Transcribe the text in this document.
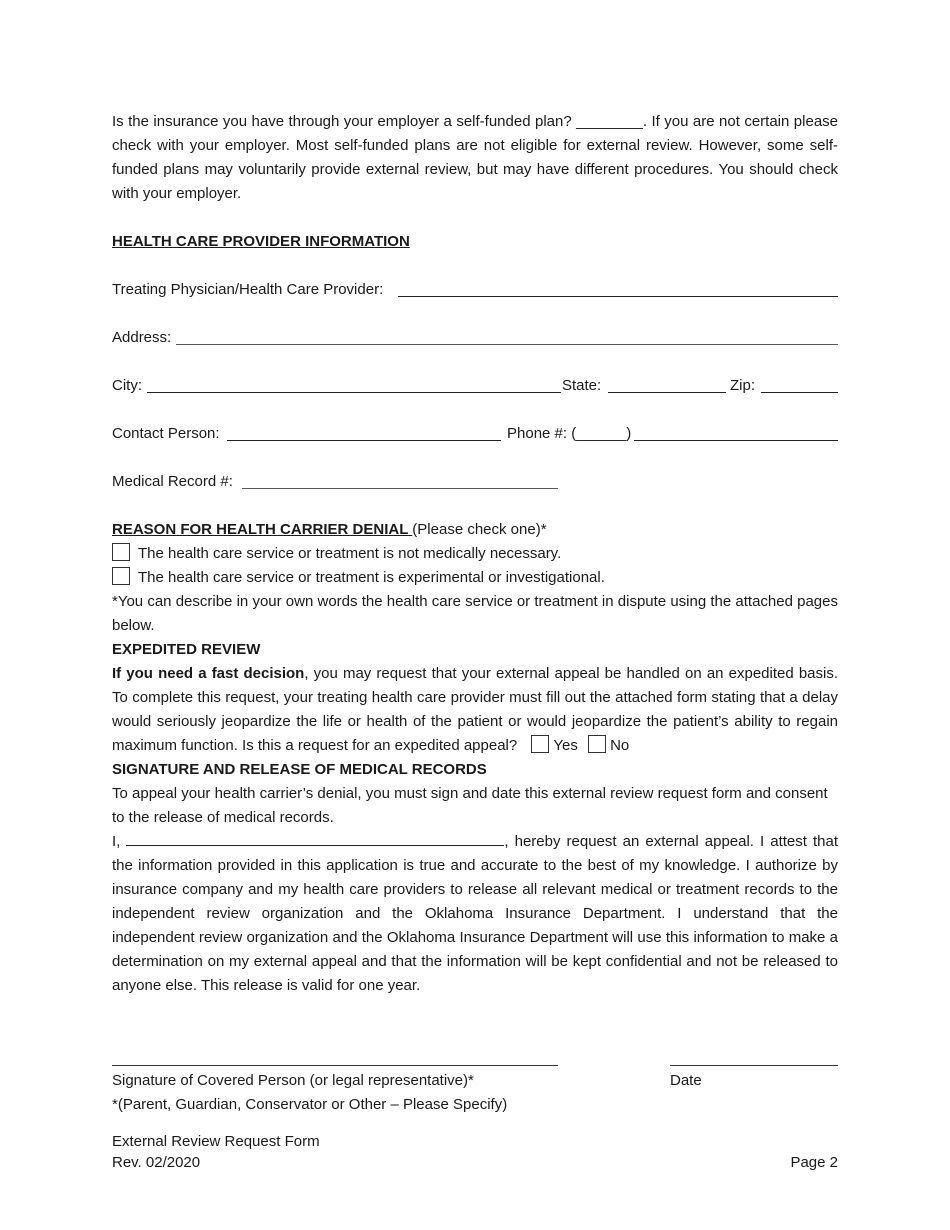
Is the insurance you have through your employer a self-funded plan? ________. If you are not certain please check with your employer. Most self-funded plans are not eligible for external review. However, some self-funded plans may voluntarily provide external review, but may have different procedures. You should check with your employer.
HEALTH CARE PROVIDER INFORMATION
Treating Physician/Health Care Provider:
Address:
City:	State:	Zip:
Contact Person:	Phone #: (______)
Medical Record #:
REASON FOR HEALTH CARRIER DENIAL (Please check one)*
The health care service or treatment is not medically necessary.
The health care service or treatment is experimental or investigational.
*You can describe in your own words the health care service or treatment in dispute using the attached pages below.
EXPEDITED REVIEW
If you need a fast decision, you may request that your external appeal be handled on an expedited basis. To complete this request, your treating health care provider must fill out the attached form stating that a delay would seriously jeopardize the life or health of the patient or would jeopardize the patient’s ability to regain maximum function. Is this a request for an expedited appeal? Yes No
SIGNATURE AND RELEASE OF MEDICAL RECORDS
To appeal your health carrier’s denial, you must sign and date this external review request form and consent to the release of medical records.
I,	, hereby request an external appeal. I attest that the information provided in this application is true and accurate to the best of my knowledge. I authorize by insurance company and my health care providers to release all relevant medical or treatment records to the independent review organization and the Oklahoma Insurance Department. I understand that the independent review organization and the Oklahoma Insurance Department will use this information to make a determination on my external appeal and that the information will be kept confidential and not be released to anyone else. This release is valid for one year.
Signature of Covered Person (or legal representative)*	Date
*(Parent, Guardian, Conservator or Other – Please Specify)
External Review Request Form
Rev. 02/2020	Page 2
